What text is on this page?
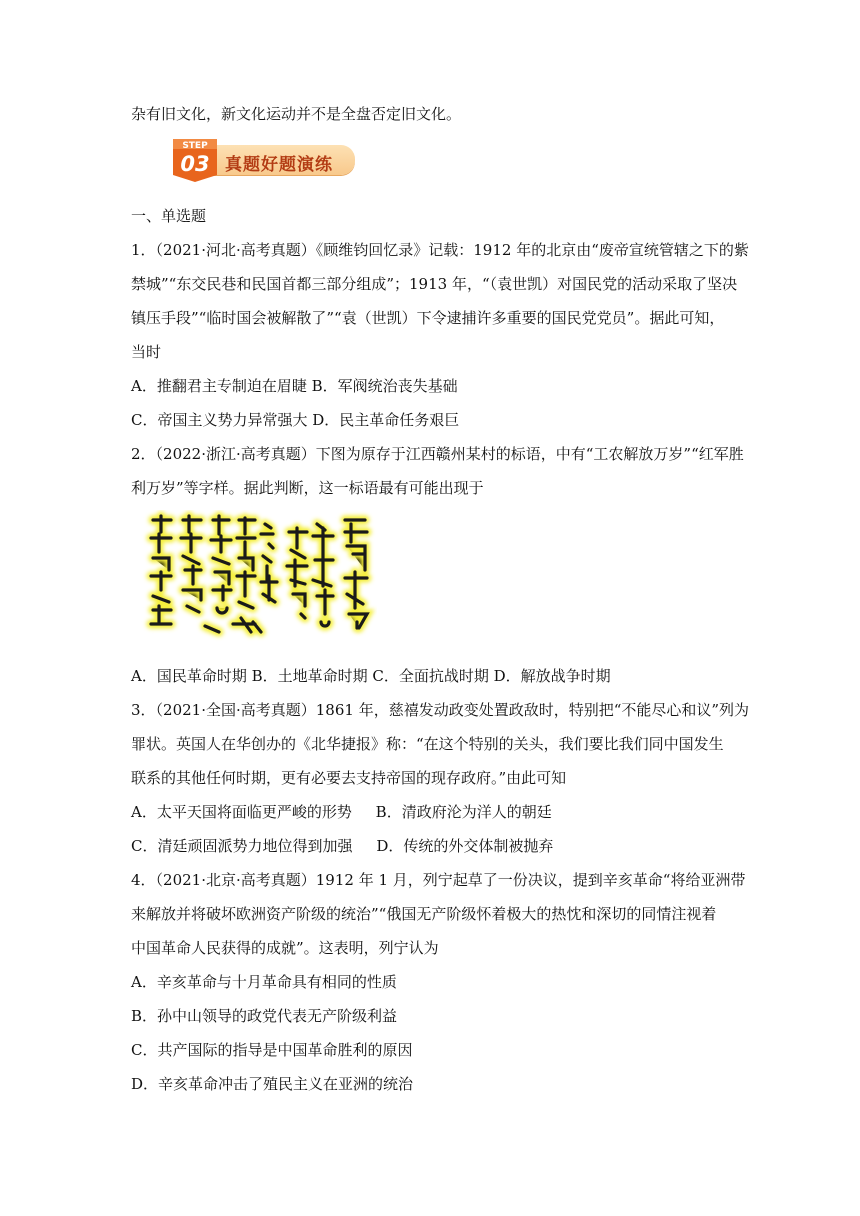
杂有旧文化，新文化运动并不是全盘否定旧文化。
STEP
03 真题好题演练
一、单选题
1．（2021·河北·高考真题）《顾维钧回忆录》记载：1912 年的北京由“废帝宣统管辖之下的紫
禁城”“东交民巷和民国首都三部分组成”；1913 年，“（袁世凯）对国民党的活动采取了坚决
镇压手段”“临时国会被解散了”“袁（世凯）下令逮捕许多重要的国民党党员”。据此可知，
当时
A．推翻君主专制迫在眉睫 B．军阀统治丧失基础
C．帝国主义势力异常强大 D．民主革命任务艰巨
2．（2022·浙江·高考真题）下图为原存于江西赣州某村的标语，中有“工农解放万岁”“红军胜
利万岁”等字样。据此判断，这一标语最有可能出现于
A．国民革命时期 B．土地革命时期 C．全面抗战时期 D．解放战争时期
3．（2021·全国·高考真题）1861 年，慈禧发动政变处置政敌时，特别把“不能尽心和议”列为
罪状。英国人在华创办的《北华捷报》称：“在这个特别的关头，我们要比我们同中国发生
联系的其他任何时期，更有必要去支持帝国的现存政府。”由此可知
A．太平天国将面临更严峻的形势     B．清政府沦为洋人的朝廷
C．清廷顽固派势力地位得到加强     D．传统的外交体制被抛弃
4．（2021·北京·高考真题）1912 年 1 月，列宁起草了一份决议，提到辛亥革命“将给亚洲带
来解放并将破坏欧洲资产阶级的统治”“俄国无产阶级怀着极大的热忱和深切的同情注视着
中国革命人民获得的成就”。这表明，列宁认为
A．辛亥革命与十月革命具有相同的性质
B．孙中山领导的政党代表无产阶级利益
C．共产国际的指导是中国革命胜利的原因
D．辛亥革命冲击了殖民主义在亚洲的统治
